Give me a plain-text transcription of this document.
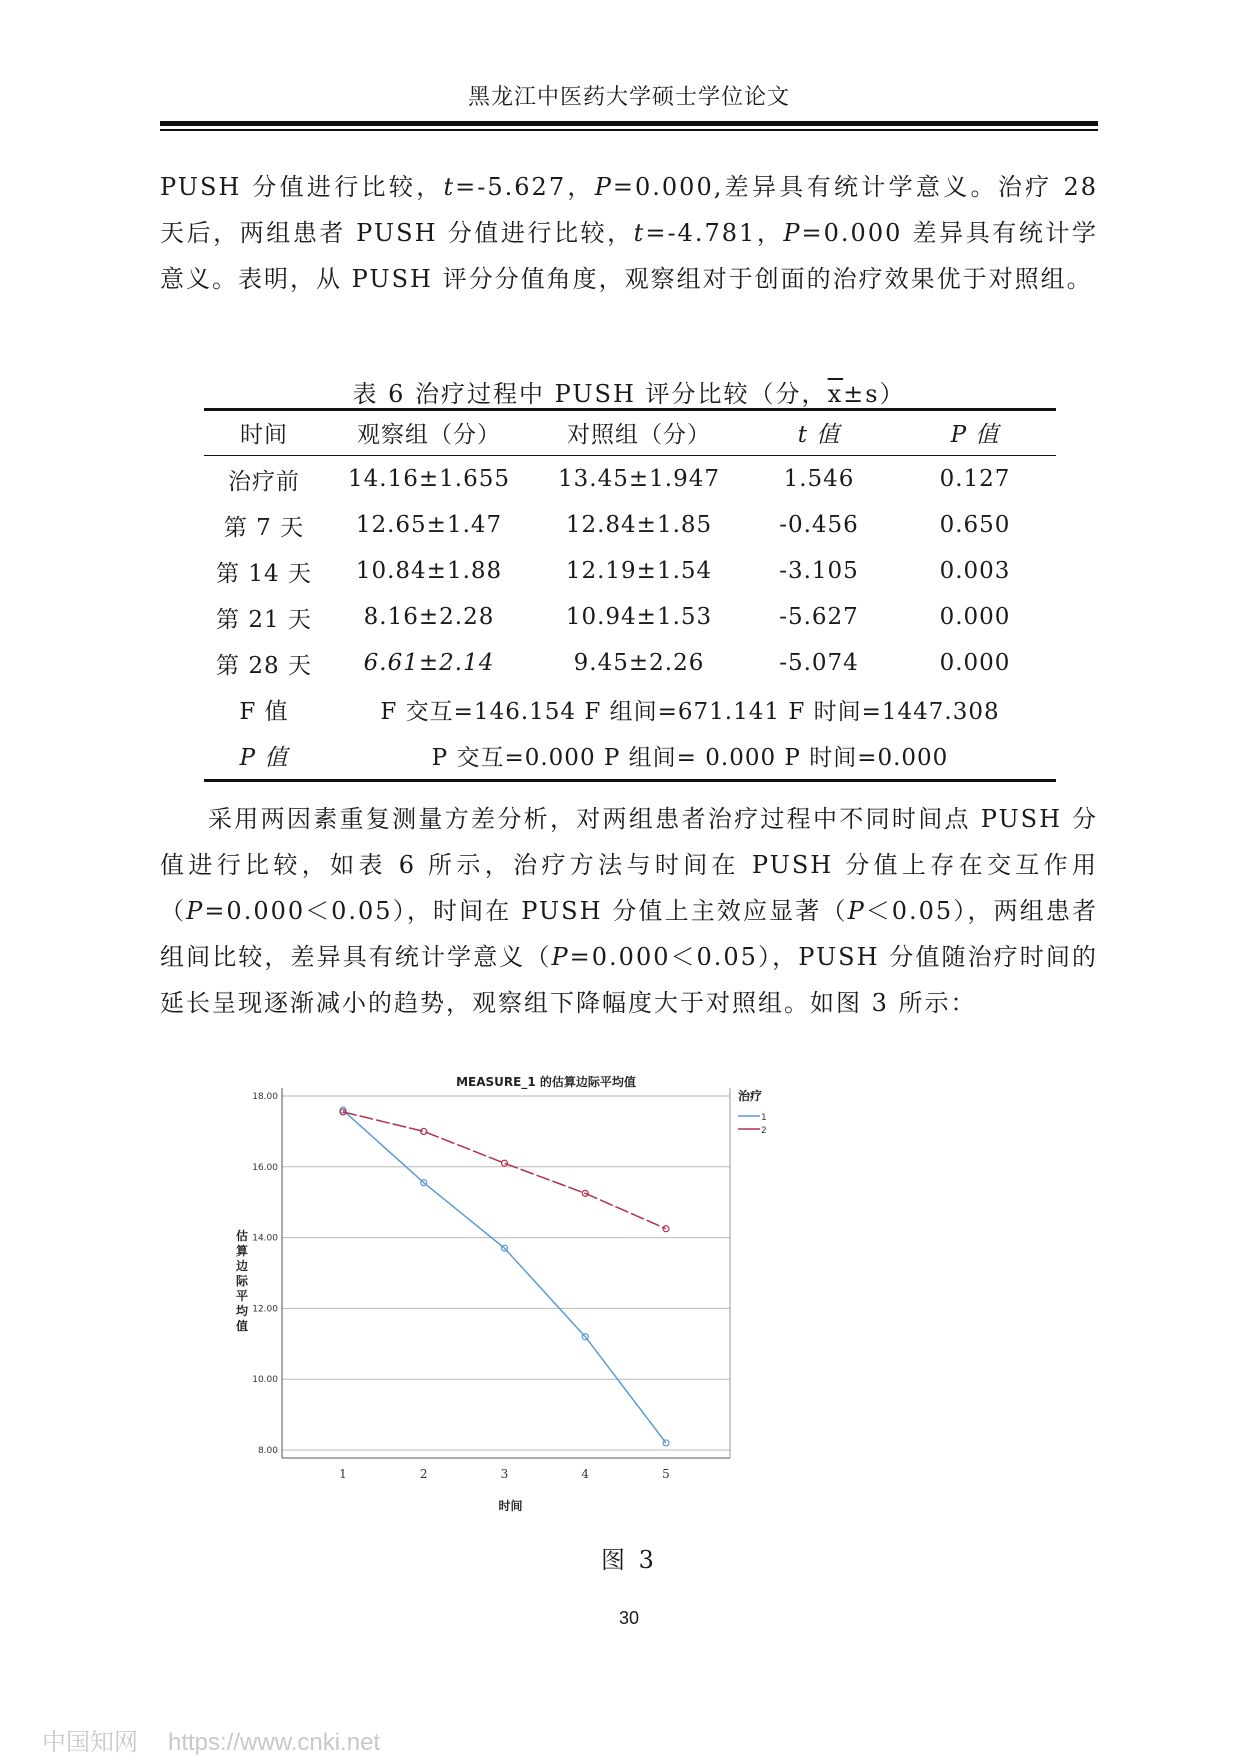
黑龙江中医药大学硕士学位论文

PUSH 分值进行比较，t=-5.627，P=0.000,差异具有统计学意义。治疗 28 天后，两组患者 PUSH 分值进行比较，t=-4.781，P=0.000 差异具有统计学意义。表明，从 PUSH 评分分值角度，观察组对于创面的治疗效果优于对照组。

表 6 治疗过程中 PUSH 评分比较（分，$\overline{x}\pm s$）
时间	观察组（分）	对照组（分）	t 值	P 值
治疗前	14.16±1.655	13.45±1.947	1.546	0.127
第 7 天	12.65±1.47	12.84±1.85	-0.456	0.650
第 14 天	10.84±1.88	12.19±1.54	-3.105	0.003
第 21 天	8.16±2.28	10.94±1.53	-5.627	0.000
第 28 天	6.61±2.14	9.45±2.26	-5.074	0.000
F 值	F 交互=146.154 F 组间=671.141 F 时间=1447.308			
P 值	P 交互=0.000 P 组间= 0.000 P 时间=0.000			

采用两因素重复测量方差分析，对两组患者治疗过程中不同时间点 PUSH 分值进行比较，如表 6 所示，治疗方法与时间在 PUSH 分值上存在交互作用（P=0.000＜0.05），时间在 PUSH 分值上主效应显著（P＜0.05），两组患者组间比较，差异具有统计学意义（P=0.000＜0.05），PUSH 分值随治疗时间的延长呈现逐渐减小的趋势，观察组下降幅度大于对照组。如图 3 所示：

MEASURE_1 的估算边际平均值
8.00
10.00
12.00
14.00
16.00
18.00
1	2	3	4	5
时间
估
算
边
际
平
均
值
治疗
1
2
图 3
30
中国知网 https://www.cnki.net
